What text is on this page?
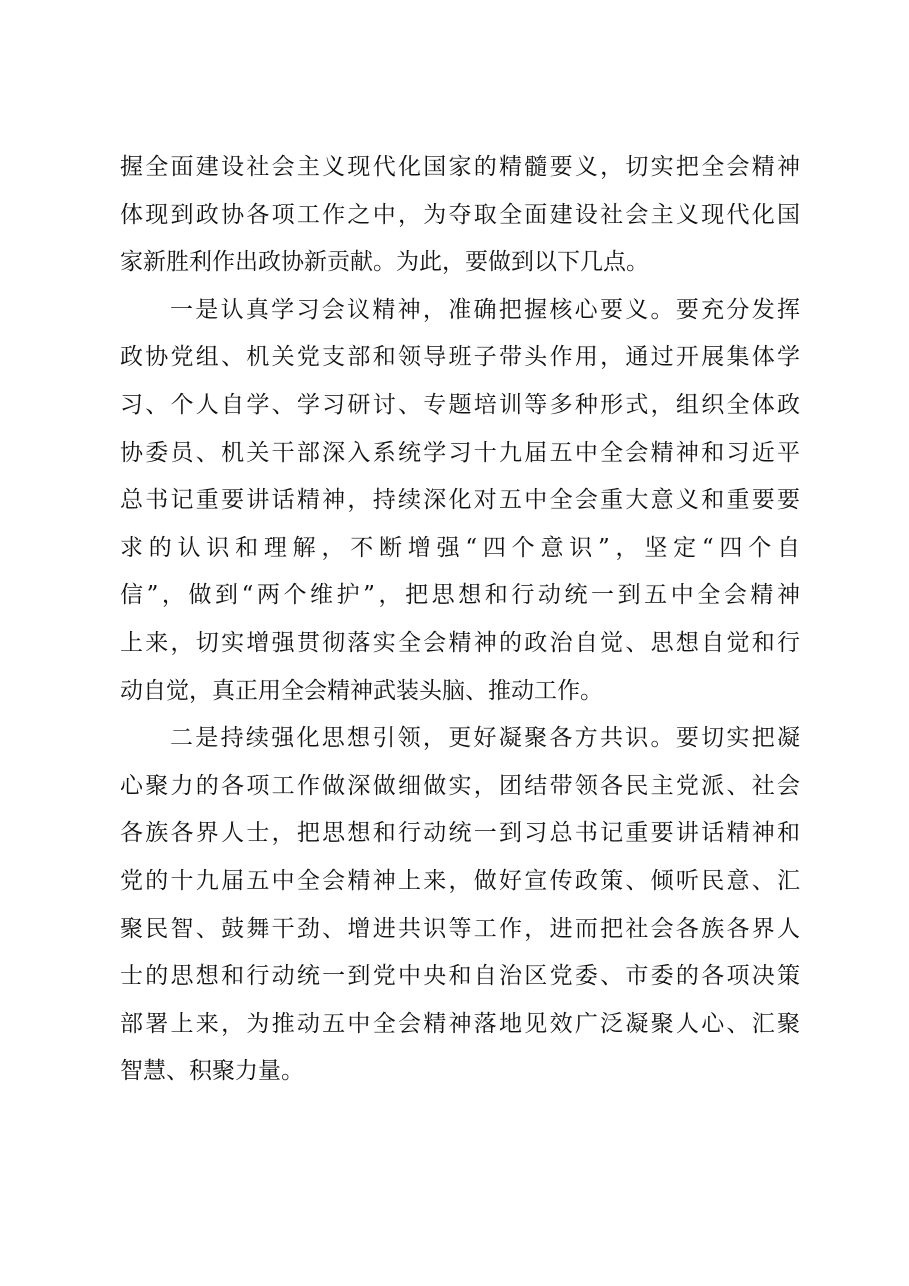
握全面建设社会主义现代化国家的精髓要义，切实把全会精神
体现到政协各项工作之中，为夺取全面建设社会主义现代化国
家新胜利作出政协新贡献。为此，要做到以下几点。
一是认真学习会议精神，准确把握核心要义。要充分发挥
政协党组、机关党支部和领导班子带头作用，通过开展集体学
习、个人自学、学习研讨、专题培训等多种形式，组织全体政
协委员、机关干部深入系统学习十九届五中全会精神和习近平
总书记重要讲话精神，持续深化对五中全会重大意义和重要要
求的认识和理解，不断增强“四个意识”，坚定“四个自
信”，做到“两个维护”，把思想和行动统一到五中全会精神
上来，切实增强贯彻落实全会精神的政治自觉、思想自觉和行
动自觉，真正用全会精神武装头脑、推动工作。
二是持续强化思想引领，更好凝聚各方共识。要切实把凝
心聚力的各项工作做深做细做实，团结带领各民主党派、社会
各族各界人士，把思想和行动统一到习总书记重要讲话精神和
党的十九届五中全会精神上来，做好宣传政策、倾听民意、汇
聚民智、鼓舞干劲、增进共识等工作，进而把社会各族各界人
士的思想和行动统一到党中央和自治区党委、市委的各项决策
部署上来，为推动五中全会精神落地见效广泛凝聚人心、汇聚
智慧、积聚力量。
